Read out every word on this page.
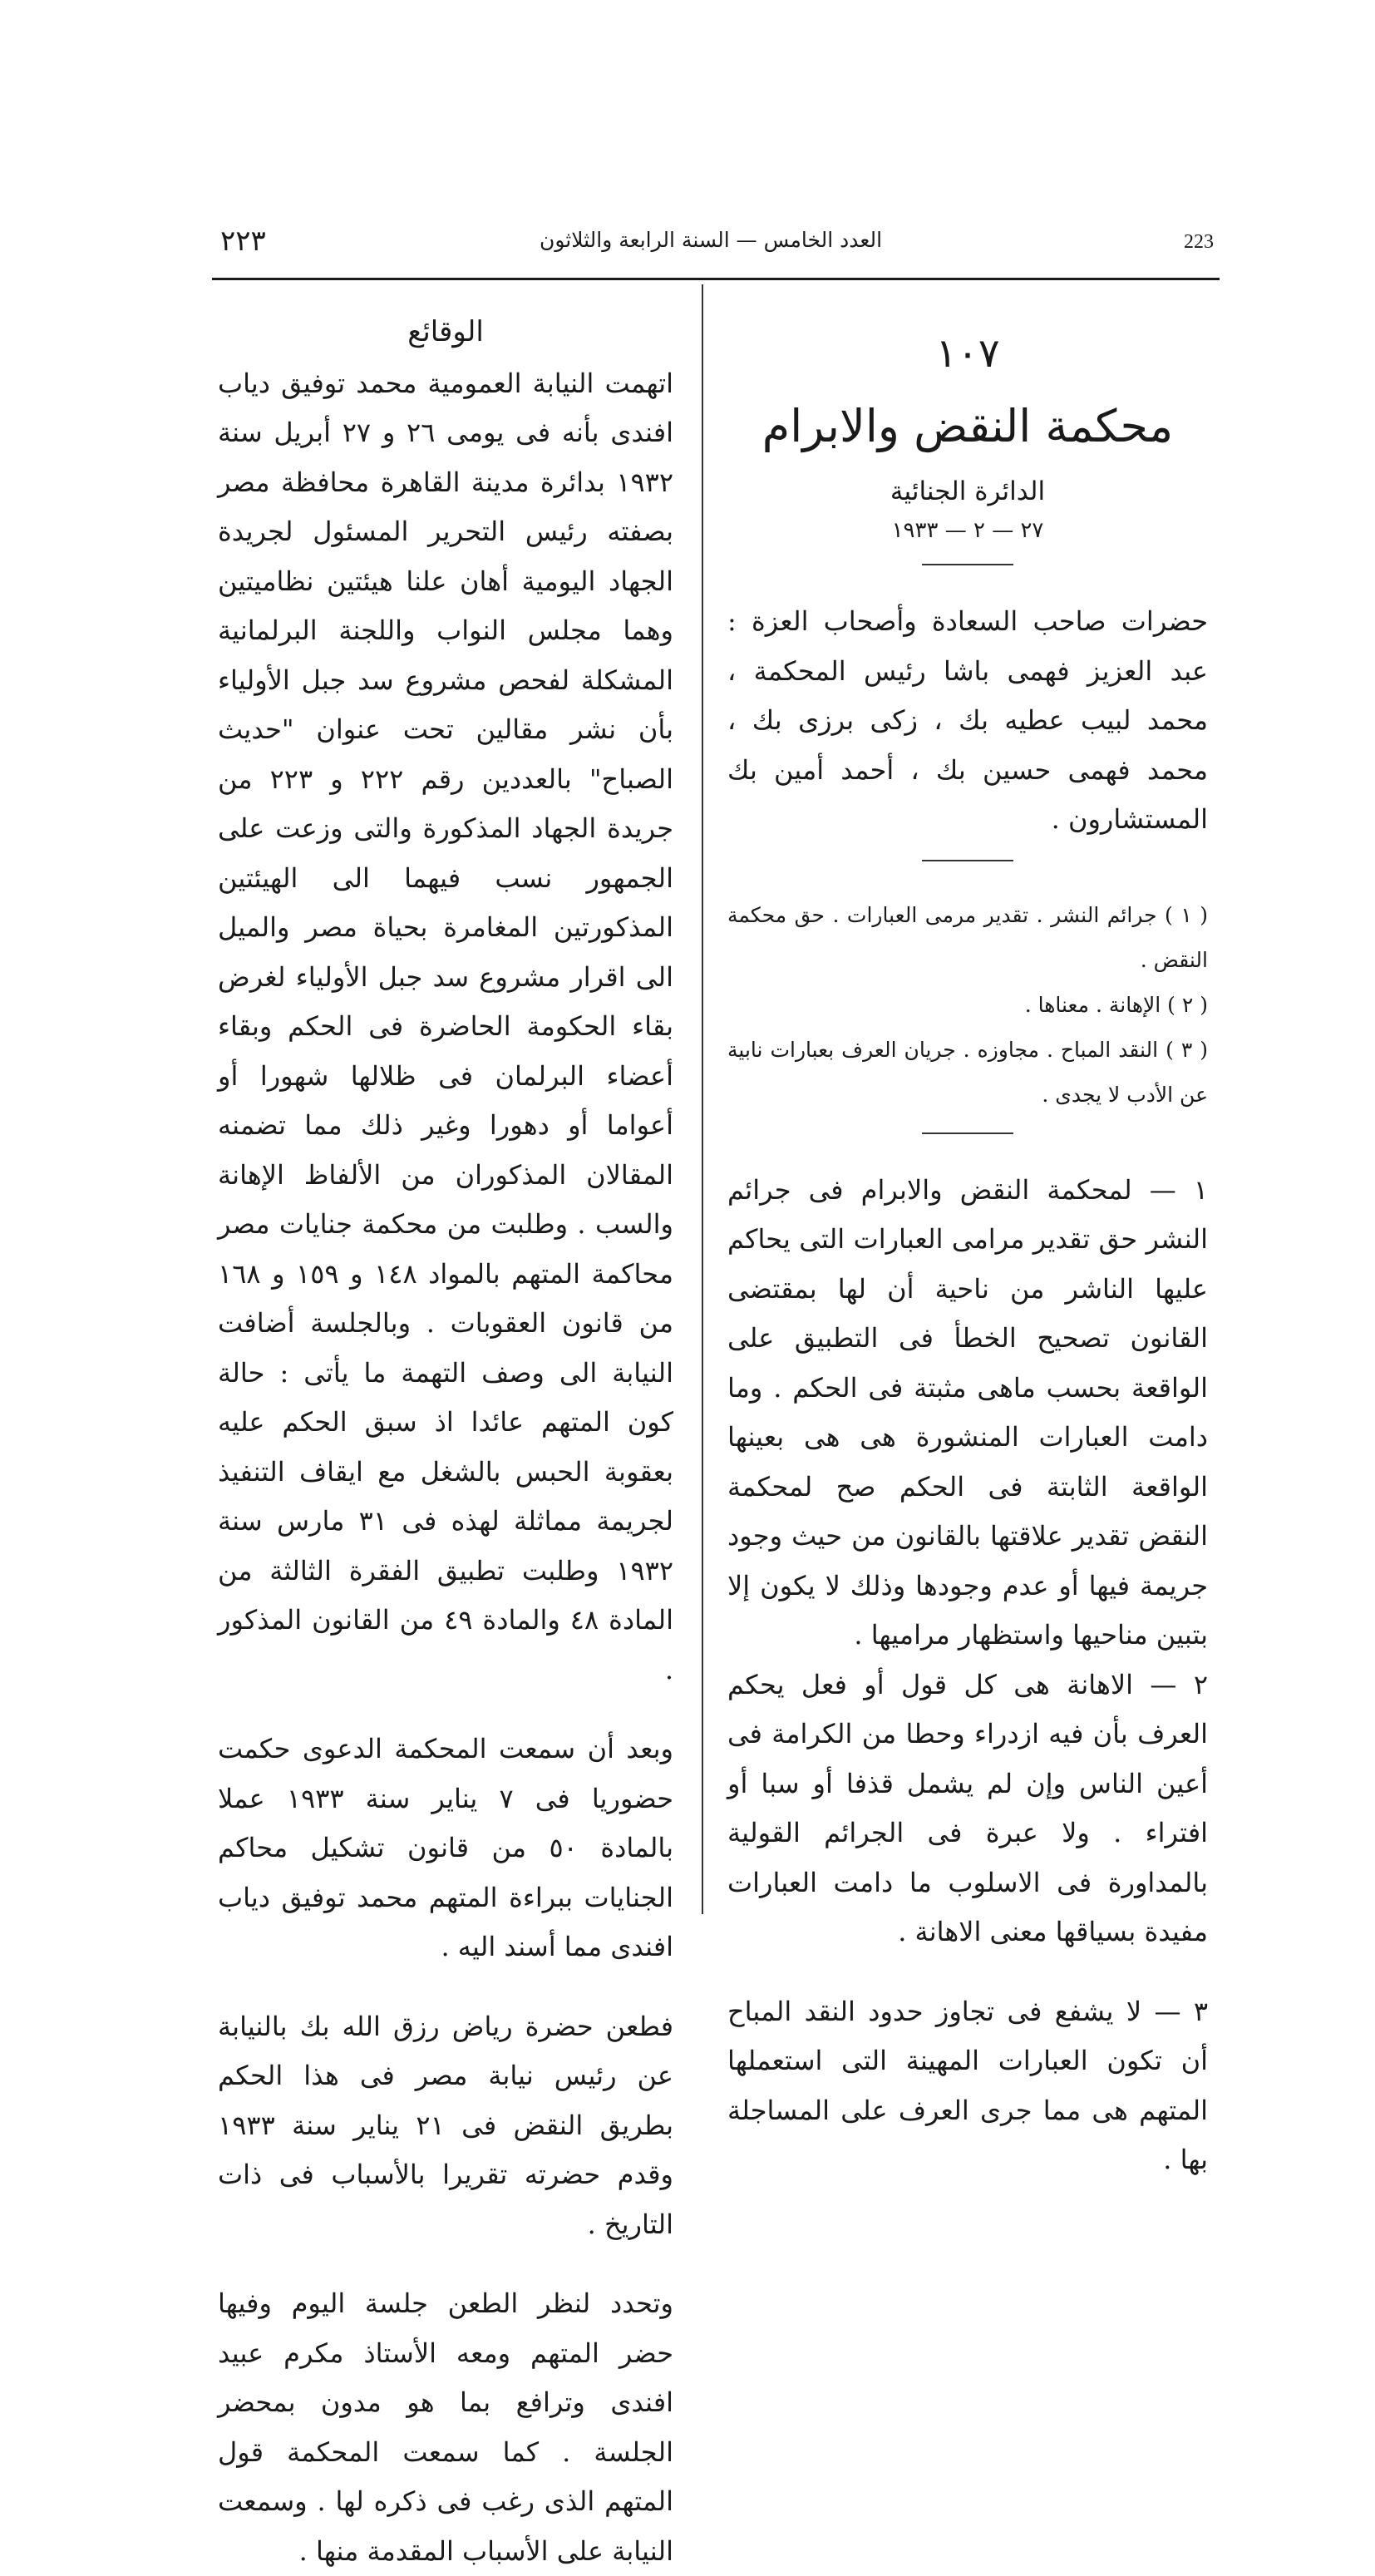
٢٢٣	العدد الخامس — السنة الرابعة والثلاثون	223
الوقائع

اتهمت النيابة العمومية محمد توفيق دياب افندى بأنه فى يومى ٢٦ و ٢٧ أبريل سنة ١٩٣٢ بدائرة مدينة القاهرة محافظة مصر بصفته رئيس التحرير المسئول لجريدة الجهاد اليومية أهان علنا هيئتين نظاميتين وهما مجلس النواب واللجنة البرلمانية المشكلة لفحص مشروع سد جبل الأولياء بأن نشر مقالين تحت عنوان "حديث الصباح" بالعددين رقم ٢٢٢ و ٢٢٣ من جريدة الجهاد المذكورة والتى وزعت على الجمهور نسب فيهما الى الهيئتين المذكورتين المغامرة بحياة مصر والميل الى اقرار مشروع سد جبل الأولياء لغرض بقاء الحكومة الحاضرة فى الحكم وبقاء أعضاء البرلمان فى ظلالها شهورا أو أعواما أو دهورا وغير ذلك مما تضمنه المقالان المذكوران من الألفاظ الإهانة والسب . وطلبت من محكمة جنايات مصر محاكمة المتهم بالمواد ١٤٨ و ١٥٩ و ١٦٨ من قانون العقوبات . وبالجلسة أضافت النيابة الى وصف التهمة ما يأتى : حالة كون المتهم عائدا اذ سبق الحكم عليه بعقوبة الحبس بالشغل مع ايقاف التنفيذ لجريمة مماثلة لهذه فى ٣١ مارس سنة ١٩٣٢ وطلبت تطبيق الفقرة الثالثة من المادة ٤٨ والمادة ٤٩ من القانون المذكور .

وبعد أن سمعت المحكمة الدعوى حكمت حضوريا فى ٧ يناير سنة ١٩٣٣ عملا بالمادة ٥٠ من قانون تشكيل محاكم الجنايات ببراءة المتهم محمد توفيق دياب افندى مما أسند اليه .

فطعن حضرة رياض رزق الله بك بالنيابة عن رئيس نيابة مصر فى هذا الحكم بطريق النقض فى ٢١ يناير سنة ١٩٣٣ وقدم حضرته تقريرا بالأسباب فى ذات التاريخ .

وتحدد لنظر الطعن جلسة اليوم وفيها حضر المتهم ومعه الأستاذ مكرم عبيد افندى وترافع بما هو مدون بمحضر الجلسة . كما سمعت المحكمة قول المتهم الذى رغب فى ذكره لها . وسمعت النيابة على الأسباب المقدمة منها .

١٠٧
محكمة النقض والابرام
الدائرة الجنائية
٢٧ — ٢ — ١٩٣٣

حضرات صاحب السعادة وأصحاب العزة : عبد العزيز فهمى باشا رئيس المحكمة ، محمد لبيب عطيه بك ، زكى برزى بك ، محمد فهمى حسين بك ، أحمد أمين بك المستشارون .

( ١ ) جرائم النشر . تقدير مرمى العبارات . حق محكمة النقض .

( ٢ ) الإهانة . معناها .

( ٣ ) النقد المباح . مجاوزه . جريان العرف بعبارات نابية عن الأدب لا يجدى .

١ — لمحكمة النقض والابرام فى جرائم النشر حق تقدير مرامى العبارات التى يحاكم عليها الناشر من ناحية أن لها بمقتضى القانون تصحيح الخطأ فى التطبيق على الواقعة بحسب ماهى مثبتة فى الحكم . وما دامت العبارات المنشورة هى هى بعينها الواقعة الثابتة فى الحكم صح لمحكمة النقض تقدير علاقتها بالقانون من حيث وجود جريمة فيها أو عدم وجودها وذلك لا يكون إلا بتبين مناحيها واستظهار مراميها .

٢ — الاهانة هى كل قول أو فعل يحكم العرف بأن فيه ازدراء وحطا من الكرامة فى أعين الناس وإن لم يشمل قذفا أو سبا أو افتراء . ولا عبرة فى الجرائم القولية بالمداورة فى الاسلوب ما دامت العبارات مفيدة بسياقها معنى الاهانة .

٣ — لا يشفع فى تجاوز حدود النقد المباح أن تكون العبارات المهينة التى استعملها المتهم هى مما جرى العرف على المساجلة بها .
